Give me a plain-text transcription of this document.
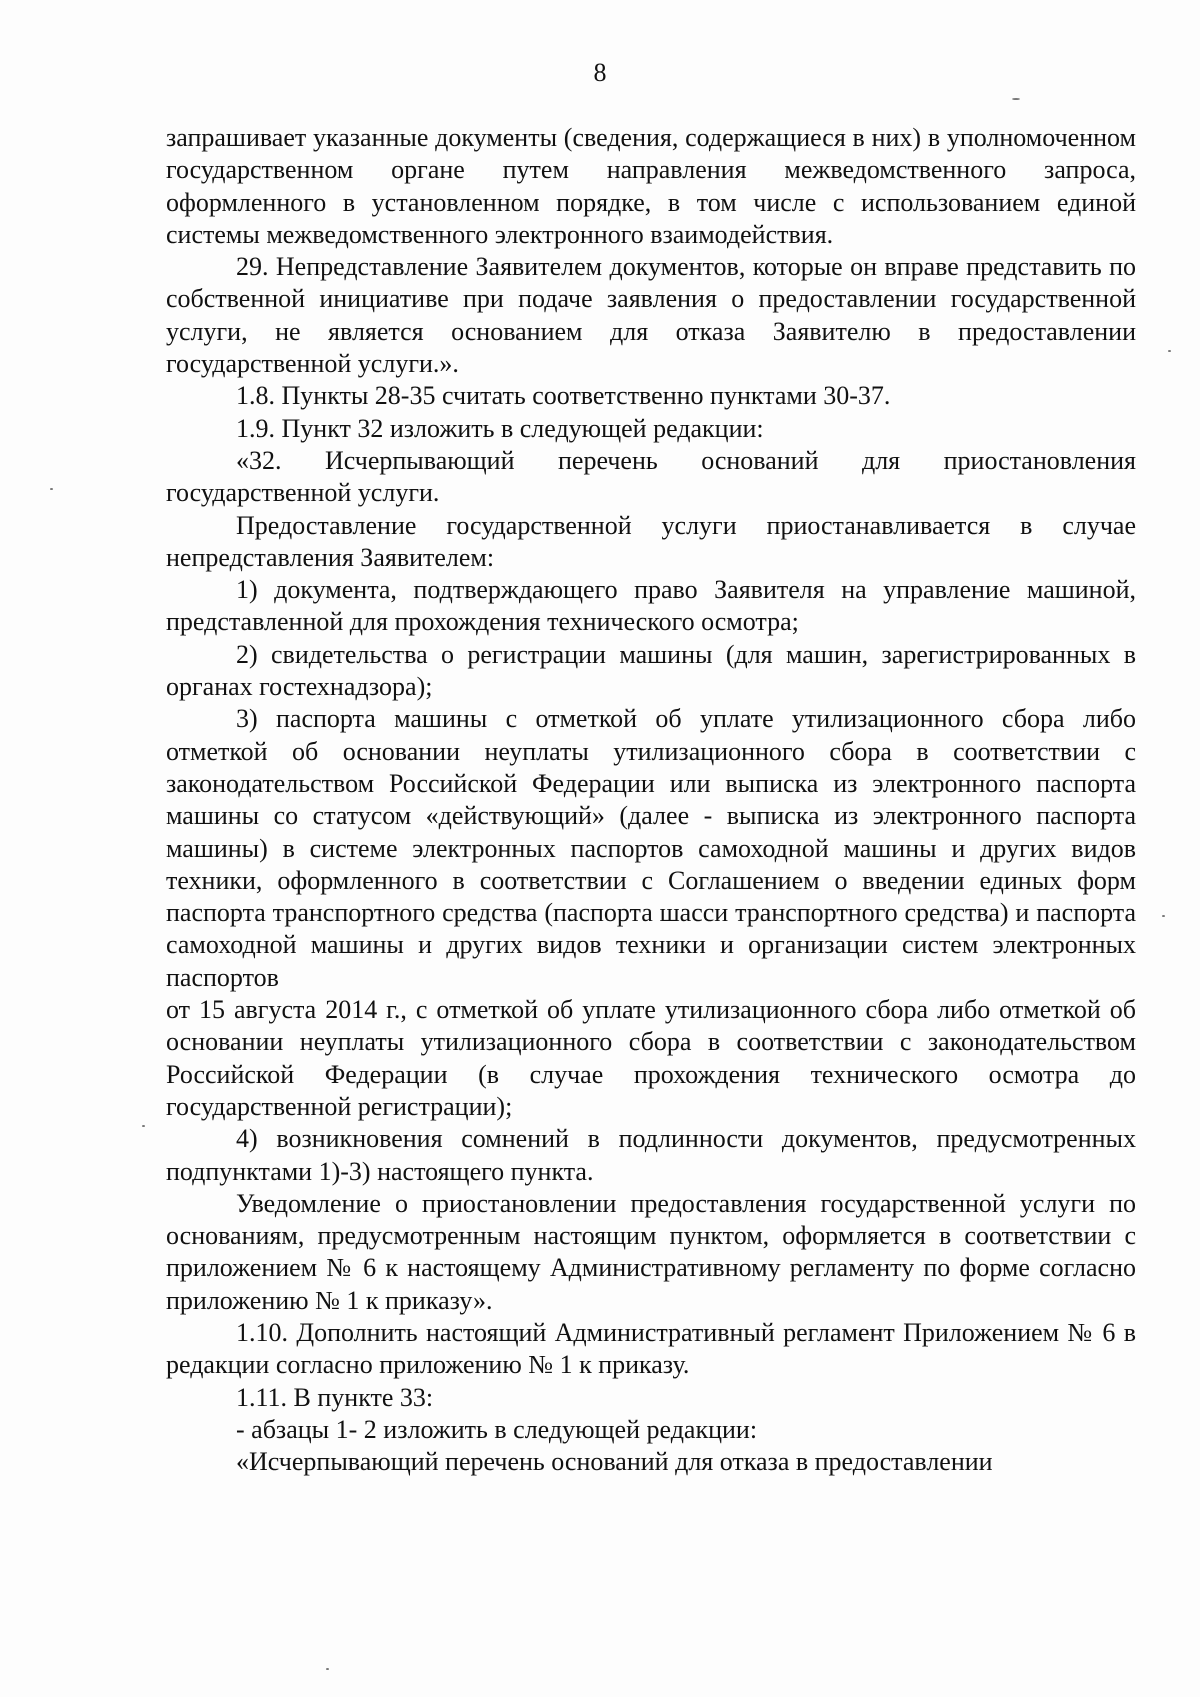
8

запрашивает указанные документы (сведения, содержащиеся в них) в уполномоченном государственном органе путем направления межведомственного запроса, оформленного в установленном порядке, в том числе с использованием единой системы межведомственного электронного взаимодействия.

29. Непредставление Заявителем документов, которые он вправе представить по собственной инициативе при подаче заявления о предоставлении государственной услуги, не является основанием для отказа Заявителю в предоставлении государственной услуги.».

1.8. Пункты 28-35 считать соответственно пунктами 30-37.

1.9. Пункт 32 изложить в следующей редакции:

«32. Исчерпывающий перечень оснований для приостановления государственной услуги.

Предоставление государственной услуги приостанавливается в случае непредставления Заявителем:

1) документа, подтверждающего право Заявителя на управление машиной, представленной для прохождения технического осмотра;

2) свидетельства о регистрации машины (для машин, зарегистрированных в органах гостехнадзора);

3) паспорта машины с отметкой об уплате утилизационного сбора либо отметкой об основании неуплаты утилизационного сбора в соответствии с законодательством Российской Федерации или выписка из электронного паспорта машины со статусом «действующий» (далее - выписка из электронного паспорта машины) в системе электронных паспортов самоходной машины и других видов техники, оформленного в соответствии с Соглашением о введении единых форм паспорта транспортного средства (паспорта шасси транспортного средства) и паспорта самоходной машины и других видов техники и организации систем электронных паспортов

от 15 августа 2014 г., с отметкой об уплате утилизационного сбора либо отметкой об основании неуплаты утилизационного сбора в соответствии с законодательством Российской Федерации (в случае прохождения технического осмотра до государственной регистрации);

4) возникновения сомнений в подлинности документов, предусмотренных подпунктами 1)-3) настоящего пункта.

Уведомление о приостановлении предоставления государственной услуги по основаниям, предусмотренным настоящим пунктом, оформляется в соответствии с приложением № 6 к настоящему Административному регламенту по форме согласно приложению № 1 к приказу».

1.10. Дополнить настоящий Административный регламент Приложением № 6 в редакции согласно приложению № 1 к приказу.

1.11. В пункте 33:

- абзацы 1- 2 изложить в следующей редакции:

«Исчерпывающий перечень оснований для отказа в предоставлении
